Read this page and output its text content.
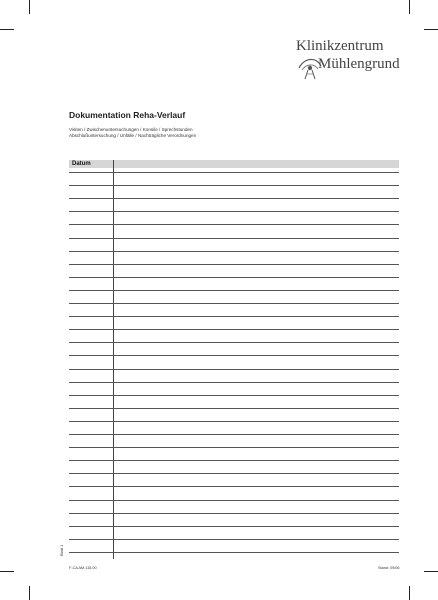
Klinikzentrum
Mühlengrund
Dokumentation Reha-Verlauf
Visiten / Zwischenuntersuchungen / Konsile / Sprechstunden
Abschlußuntersuchung / Unfälle / Nachträgliche Verordnungen
Datum
Blatt 1
F-CA AM.115.00	Stand: 09/06
